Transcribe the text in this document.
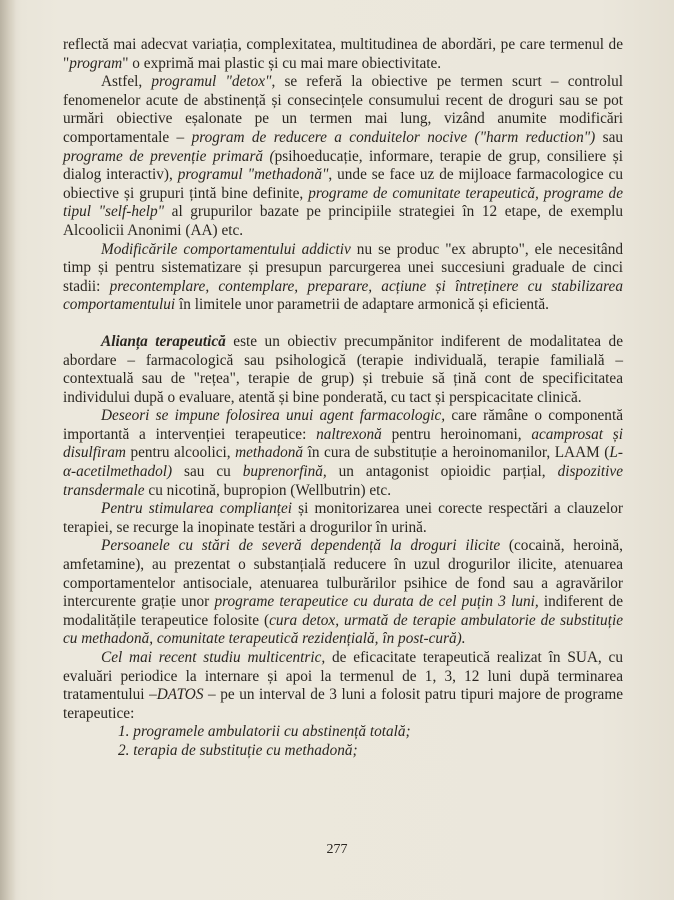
reflectă mai adecvat variația, complexitatea, multitudinea de abordări, pe care termenul de "program" o exprimă mai plastic și cu mai mare obiectivitate.

Astfel, programul "detox", se referă la obiective pe termen scurt – controlul fenomenelor acute de abstinență și consecințele consumului recent de droguri sau se pot urmări obiective eșalonate pe un termen mai lung, vizând anumite modificări comportamentale – program de reducere a conduitelor nocive ("harm reduction") sau programe de prevenție primară (psihoeducație, informare, terapie de grup, consiliere și dialog interactiv), programul "methadonă", unde se face uz de mijloace farmacologice cu obiective și grupuri țintă bine definite, programe de comunitate terapeutică, programe de tipul "self-help" al grupurilor bazate pe principiile strategiei în 12 etape, de exemplu Alcoolicii Anonimi (AA) etc.

Modificările comportamentului addictiv nu se produc "ex abrupto", ele necesitând timp și pentru sistematizare și presupun parcurgerea unei succesiuni graduale de cinci stadii: precontemplare, contemplare, preparare, acțiune și întreținere cu stabilizarea comportamentului în limitele unor parametrii de adaptare armonică și eficientă.

Alianța terapeutică este un obiectiv precumpănitor indiferent de modalitatea de abordare – farmacologică sau psihologică (terapie individuală, terapie familială – contextuală sau de "rețea", terapie de grup) și trebuie să țină cont de specificitatea individului după o evaluare, atentă și bine ponderată, cu tact și perspicacitate clinică.

Deseori se impune folosirea unui agent farmacologic, care rămâne o componentă importantă a intervenției terapeutice: naltrexonă pentru heroinomani, acamprosat și disulfiram pentru alcoolici, methadonă în cura de substituție a heroinomanilor, LAAM (L-α-acetilmethadol) sau cu buprenorfină, un antagonist opioidic parțial, dispozitive transdermale cu nicotină, bupropion (Wellbutrin) etc.

Pentru stimularea complianței și monitorizarea unei corecte respectări a clauzelor terapiei, se recurge la inopinate testări a drogurilor în urină.

Persoanele cu stări de severă dependență la droguri ilicite (cocaină, heroină, amfetamine), au prezentat o substanțială reducere în uzul drogurilor ilicite, atenuarea comportamentelor antisociale, atenuarea tulburărilor psihice de fond sau a agravărilor intercurente grație unor programe terapeutice cu durata de cel puțin 3 luni, indiferent de modalitățile terapeutice folosite (cura detox, urmată de terapie ambulatorie de substituție cu methadonă, comunitate terapeutică rezidențială, în post-cură).

Cel mai recent studiu multicentric, de eficacitate terapeutică realizat în SUA, cu evaluări periodice la internare și apoi la termenul de 1, 3, 12 luni după terminarea tratamentului –DATOS – pe un interval de 3 luni a folosit patru tipuri majore de programe terapeutice:

1. programele ambulatorii cu abstinență totală;

2. terapia de substituție cu methadonă;

277
